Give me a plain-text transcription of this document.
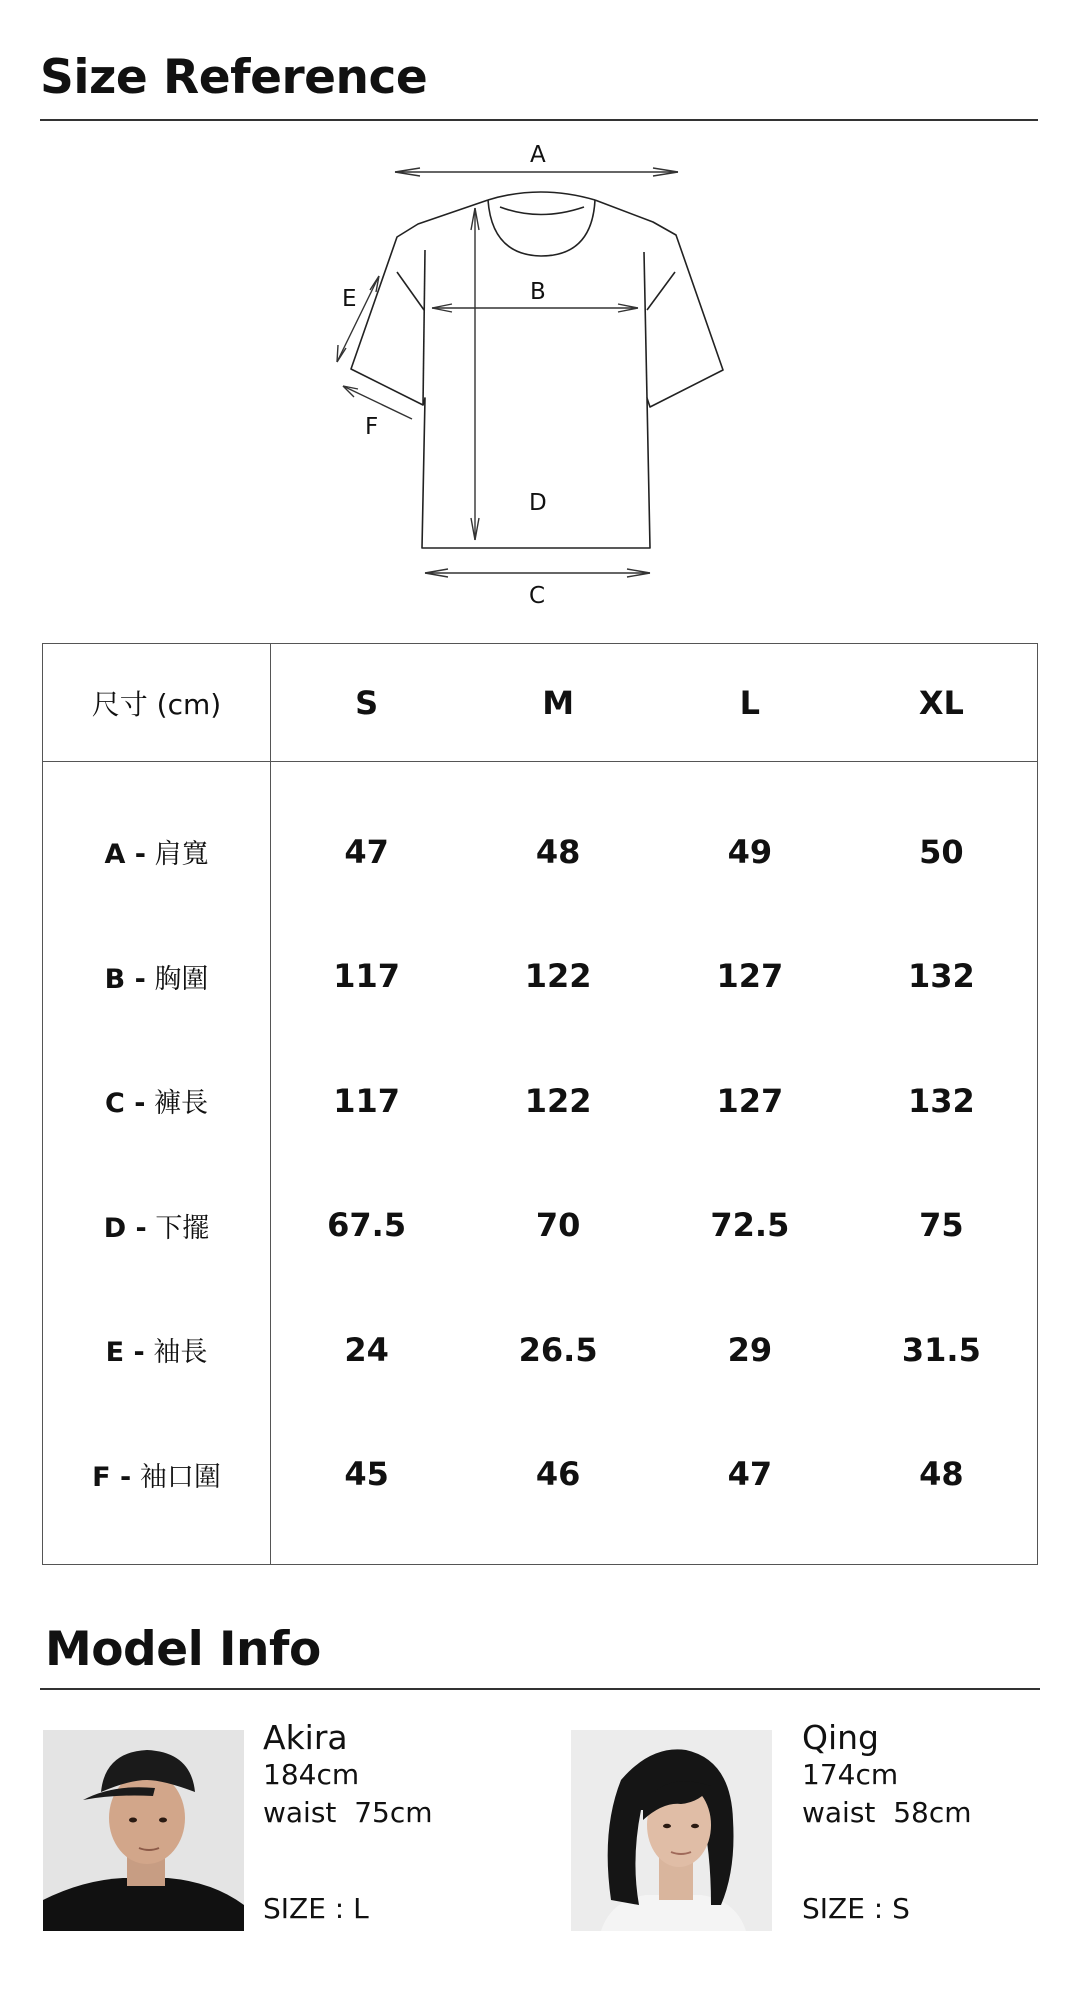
Size Reference
A
B
C
D
E
F
尺寸 (cm)	S	M	L	XL

A - 肩寬	47	48	49	50
B - 胸圍	117	122	127	132
C - 褲長	117	122	127	132
D - 下擺	67.5	70	72.5	75
E - 袖長	24	26.5	29	31.5
F - 袖口圍	45	46	47	48

Model Info
Akira
184cm
waist  75cm
SIZE : L
Qing
174cm
waist  58cm
SIZE : S
